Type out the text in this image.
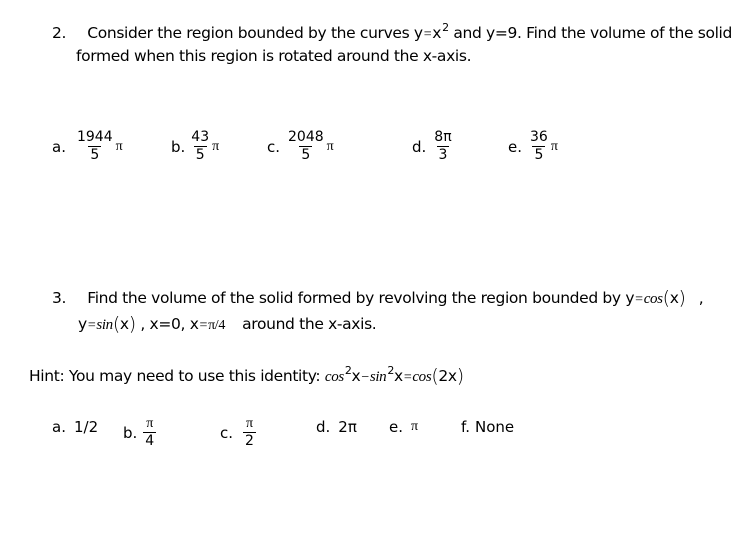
2. Consider the region bounded by the curves $y=x^2$ and y=9. Find the volume of the solid
formed when this region is rotated around the x-axis.
a. $\frac{1944}{5}$ π	b. $\frac{43}{5}$ π	c. $\frac{2048}{5}$ π	d. $\frac{8\pi}{3}$	e. $\frac{36}{5}$ π
3. Find the volume of the solid formed by revolving the region bounded by y=cos(x) ,
y=sin(x) , x=0, x=π/4 around the x-axis.
Hint: You may need to use this identity: $\cos^2x-\sin^2x=\cos(2x)$
a. 1/2 b. $\frac{\pi}{4}$	c. $\frac{\pi}{2}$	d. 2π e. π	f. None
